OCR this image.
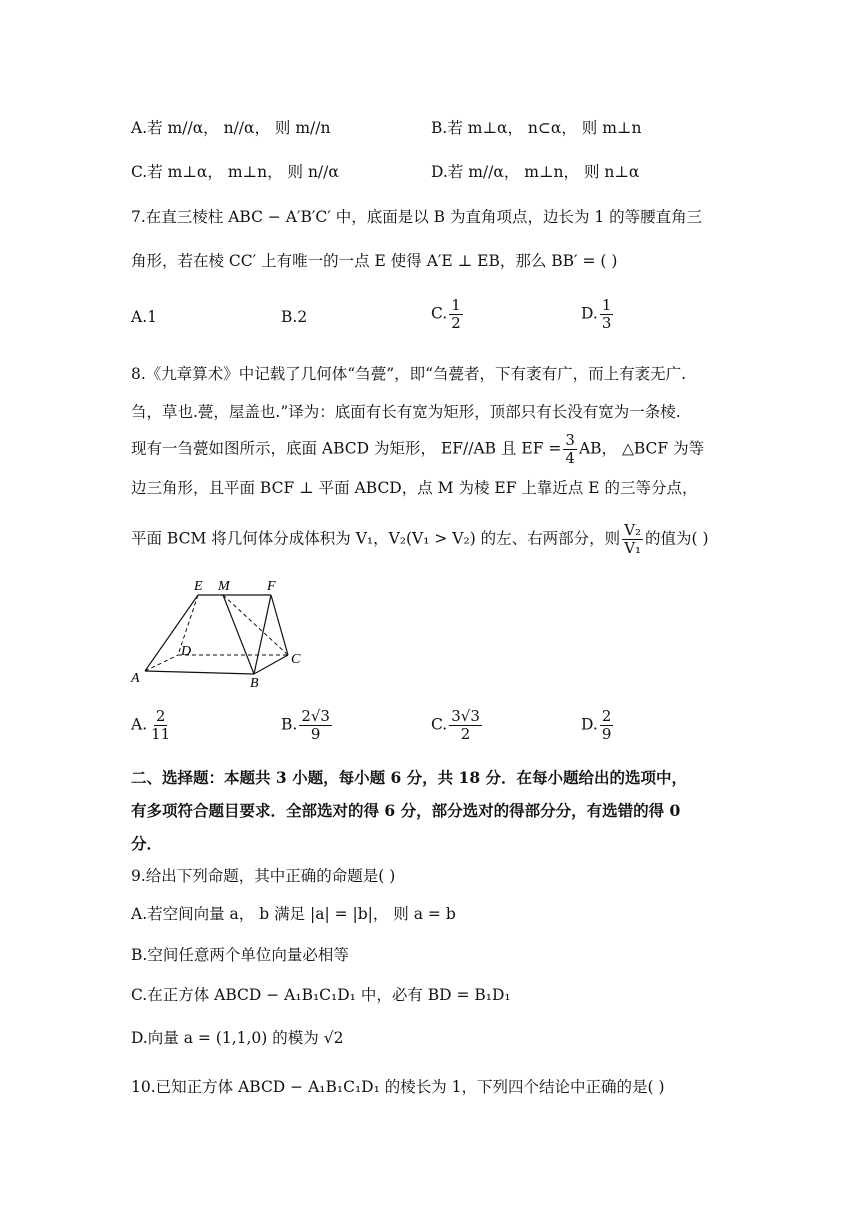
A.若 m//α， n//α， 则 m//n	B.若 m⊥α， n⊂α， 则 m⊥n
C.若 m⊥α， m⊥n， 则 n//α	D.若 m//α， m⊥n， 则 n⊥α
7.在直三棱柱 ABC − A′B′C′ 中，底面是以 B 为直角项点，边长为 1 的等腰直角三
角形，若在棱 CC′ 上有唯一的一点 E 使得 A′E ⊥ EB，那么 BB′ = ( )
A.1	B.2	C. $\frac{1}{2}$	D. $\frac{1}{3}$
8.《九章算术》中记载了几何体“刍甍”，即“刍甍者，下有袤有广，而上有袤无广.
刍，草也.甍，屋盖也.”译为：底面有长有宽为矩形，顶部只有长没有宽为一条棱.
现有一刍甍如图所示，底面 ABCD 为矩形， EF//AB 且 EF = $\frac{3}{4}$ AB， △BCF 为等
边三角形，且平面 BCF ⊥ 平面 ABCD，点 M 为棱 EF 上靠近点 E 的三等分点，
平面 BCM 将几何体分成体积为 V₁，V₂(V₁ > V₂) 的左、右两部分，则 $\frac{\text{V₂}}{\text{V₁}}$ 的值为( )
E M	F
D
C
A	B
A. $\frac{2}{11}$	B. $\frac{2√3}{9}$	C. $\frac{3√3}{2}$	D. $\frac{2}{9}$
二、选择题：本题共 3 小题，每小题 6 分，共 18 分．在每小题给出的选项中，
有多项符合题目要求．全部选对的得 6 分，部分选对的得部分分，有选错的得 0
分．
9.给出下列命题，其中正确的命题是( )
A.若空间向量 a， b 满足 |a| = |b|， 则 a = b
B.空间任意两个单位向量必相等
C.在正方体 ABCD − A₁B₁C₁D₁ 中，必有 BD = B₁D₁
D.向量 a = (1,1,0) 的模为 √2
10.已知正方体 ABCD − A₁B₁C₁D₁ 的棱长为 1，下列四个结论中正确的是( )
